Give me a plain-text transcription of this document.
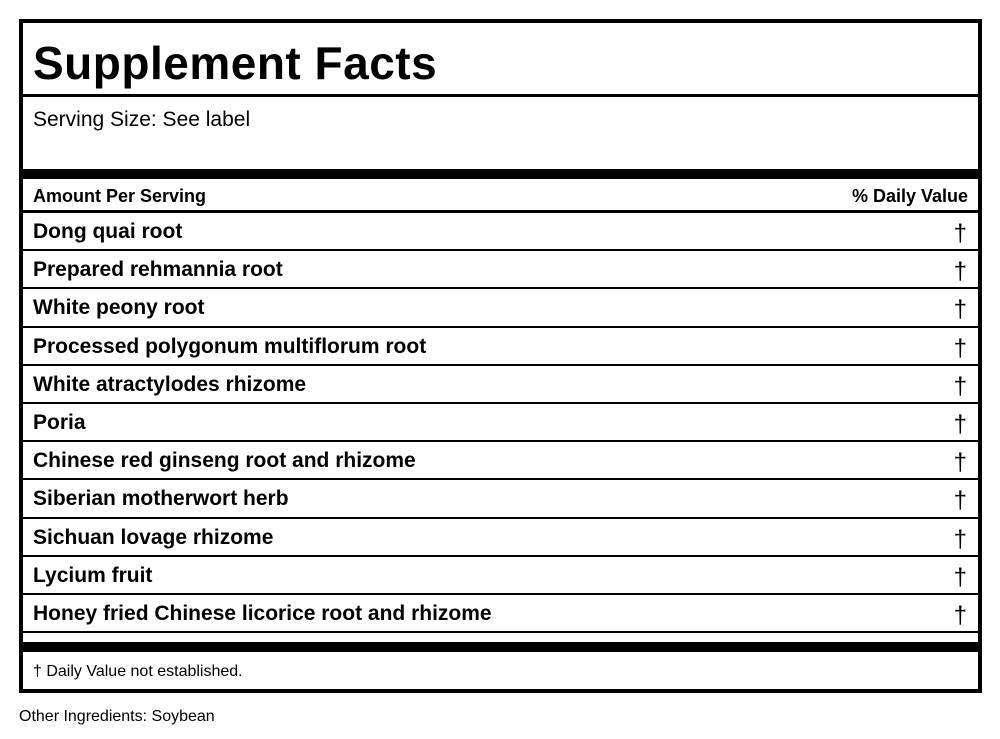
Supplement Facts
Serving Size: See label
Amount Per Serving	% Daily Value
Dong quai root	†
Prepared rehmannia root	†
White peony root	†
Processed polygonum multiflorum root	†
White atractylodes rhizome	†
Poria	†
Chinese red ginseng root and rhizome	†
Siberian motherwort herb	†
Sichuan lovage rhizome	†
Lycium fruit	†
Honey fried Chinese licorice root and rhizome	†
† Daily Value not established.
Other Ingredients: Soybean
